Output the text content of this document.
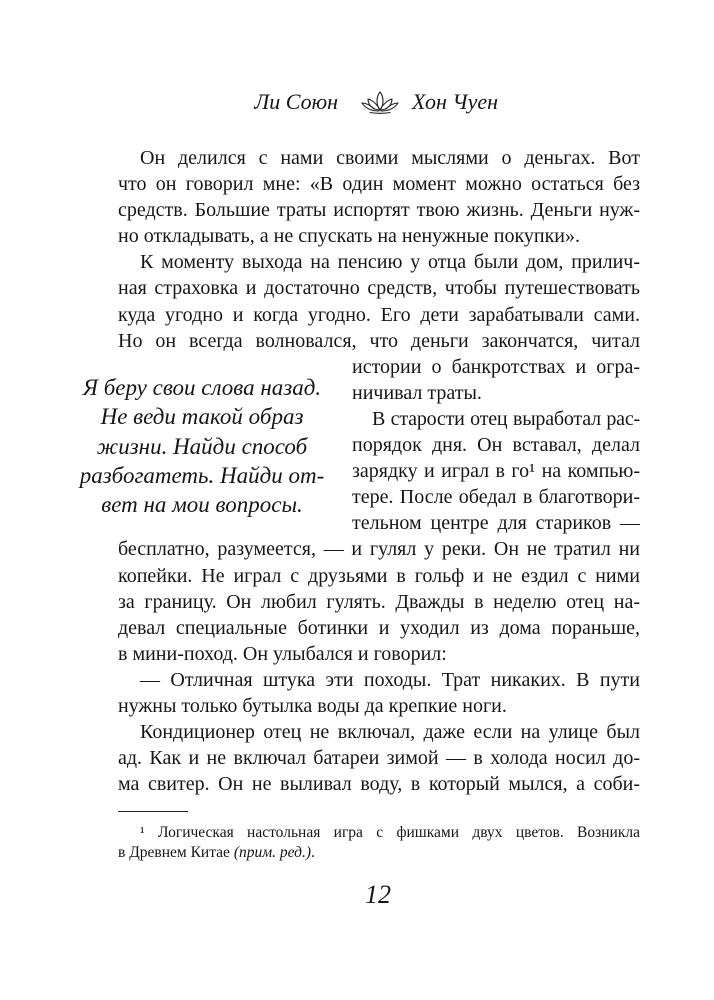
Ли Союн	Хон Чуен
Он делился с нами своими мыслями о деньгах. Вот
что он говорил мне: «В один момент можно остаться без
средств. Большие траты испортят твою жизнь. Деньги нуж-
но откладывать, а не спускать на ненужные покупки».
К моменту выхода на пенсию у отца были дом, прилич-
ная страховка и достаточно средств, чтобы путешествовать
куда угодно и когда угодно. Его дети зарабатывали сами.
Но он всегда волновался, что деньги закончатся, читал
истории о банкротствах и огра-
ничивал траты.
В старости отец выработал рас-
порядок дня. Он вставал, делал
зарядку и играл в го¹ на компью-
тере. После обедал в благотвори-
тельном центре для стариков —
бесплатно, разумеется, — и гулял у реки. Он не тратил ни
копейки. Не играл с друзьями в гольф и не ездил с ними
за границу. Он любил гулять. Дважды в неделю отец на-
девал специальные ботинки и уходил из дома пораньше,
в мини-поход. Он улыбался и говорил:
— Отличная штука эти походы. Трат никаких. В пути
нужны только бутылка воды да крепкие ноги.
Кондиционер отец не включал, даже если на улице был
ад. Как и не включал батареи зимой — в холода носил до-
ма свитер. Он не выливал воду, в который мылся, а соби-
Я беру свои слова назад.
Не веди такой образ
жизни. Найди способ
разбогатеть. Найди от-
вет на мои вопросы.
¹ Логическая настольная игра с фишками двух цветов. Возникла
в Древнем Китае (прим. ред.).
12
